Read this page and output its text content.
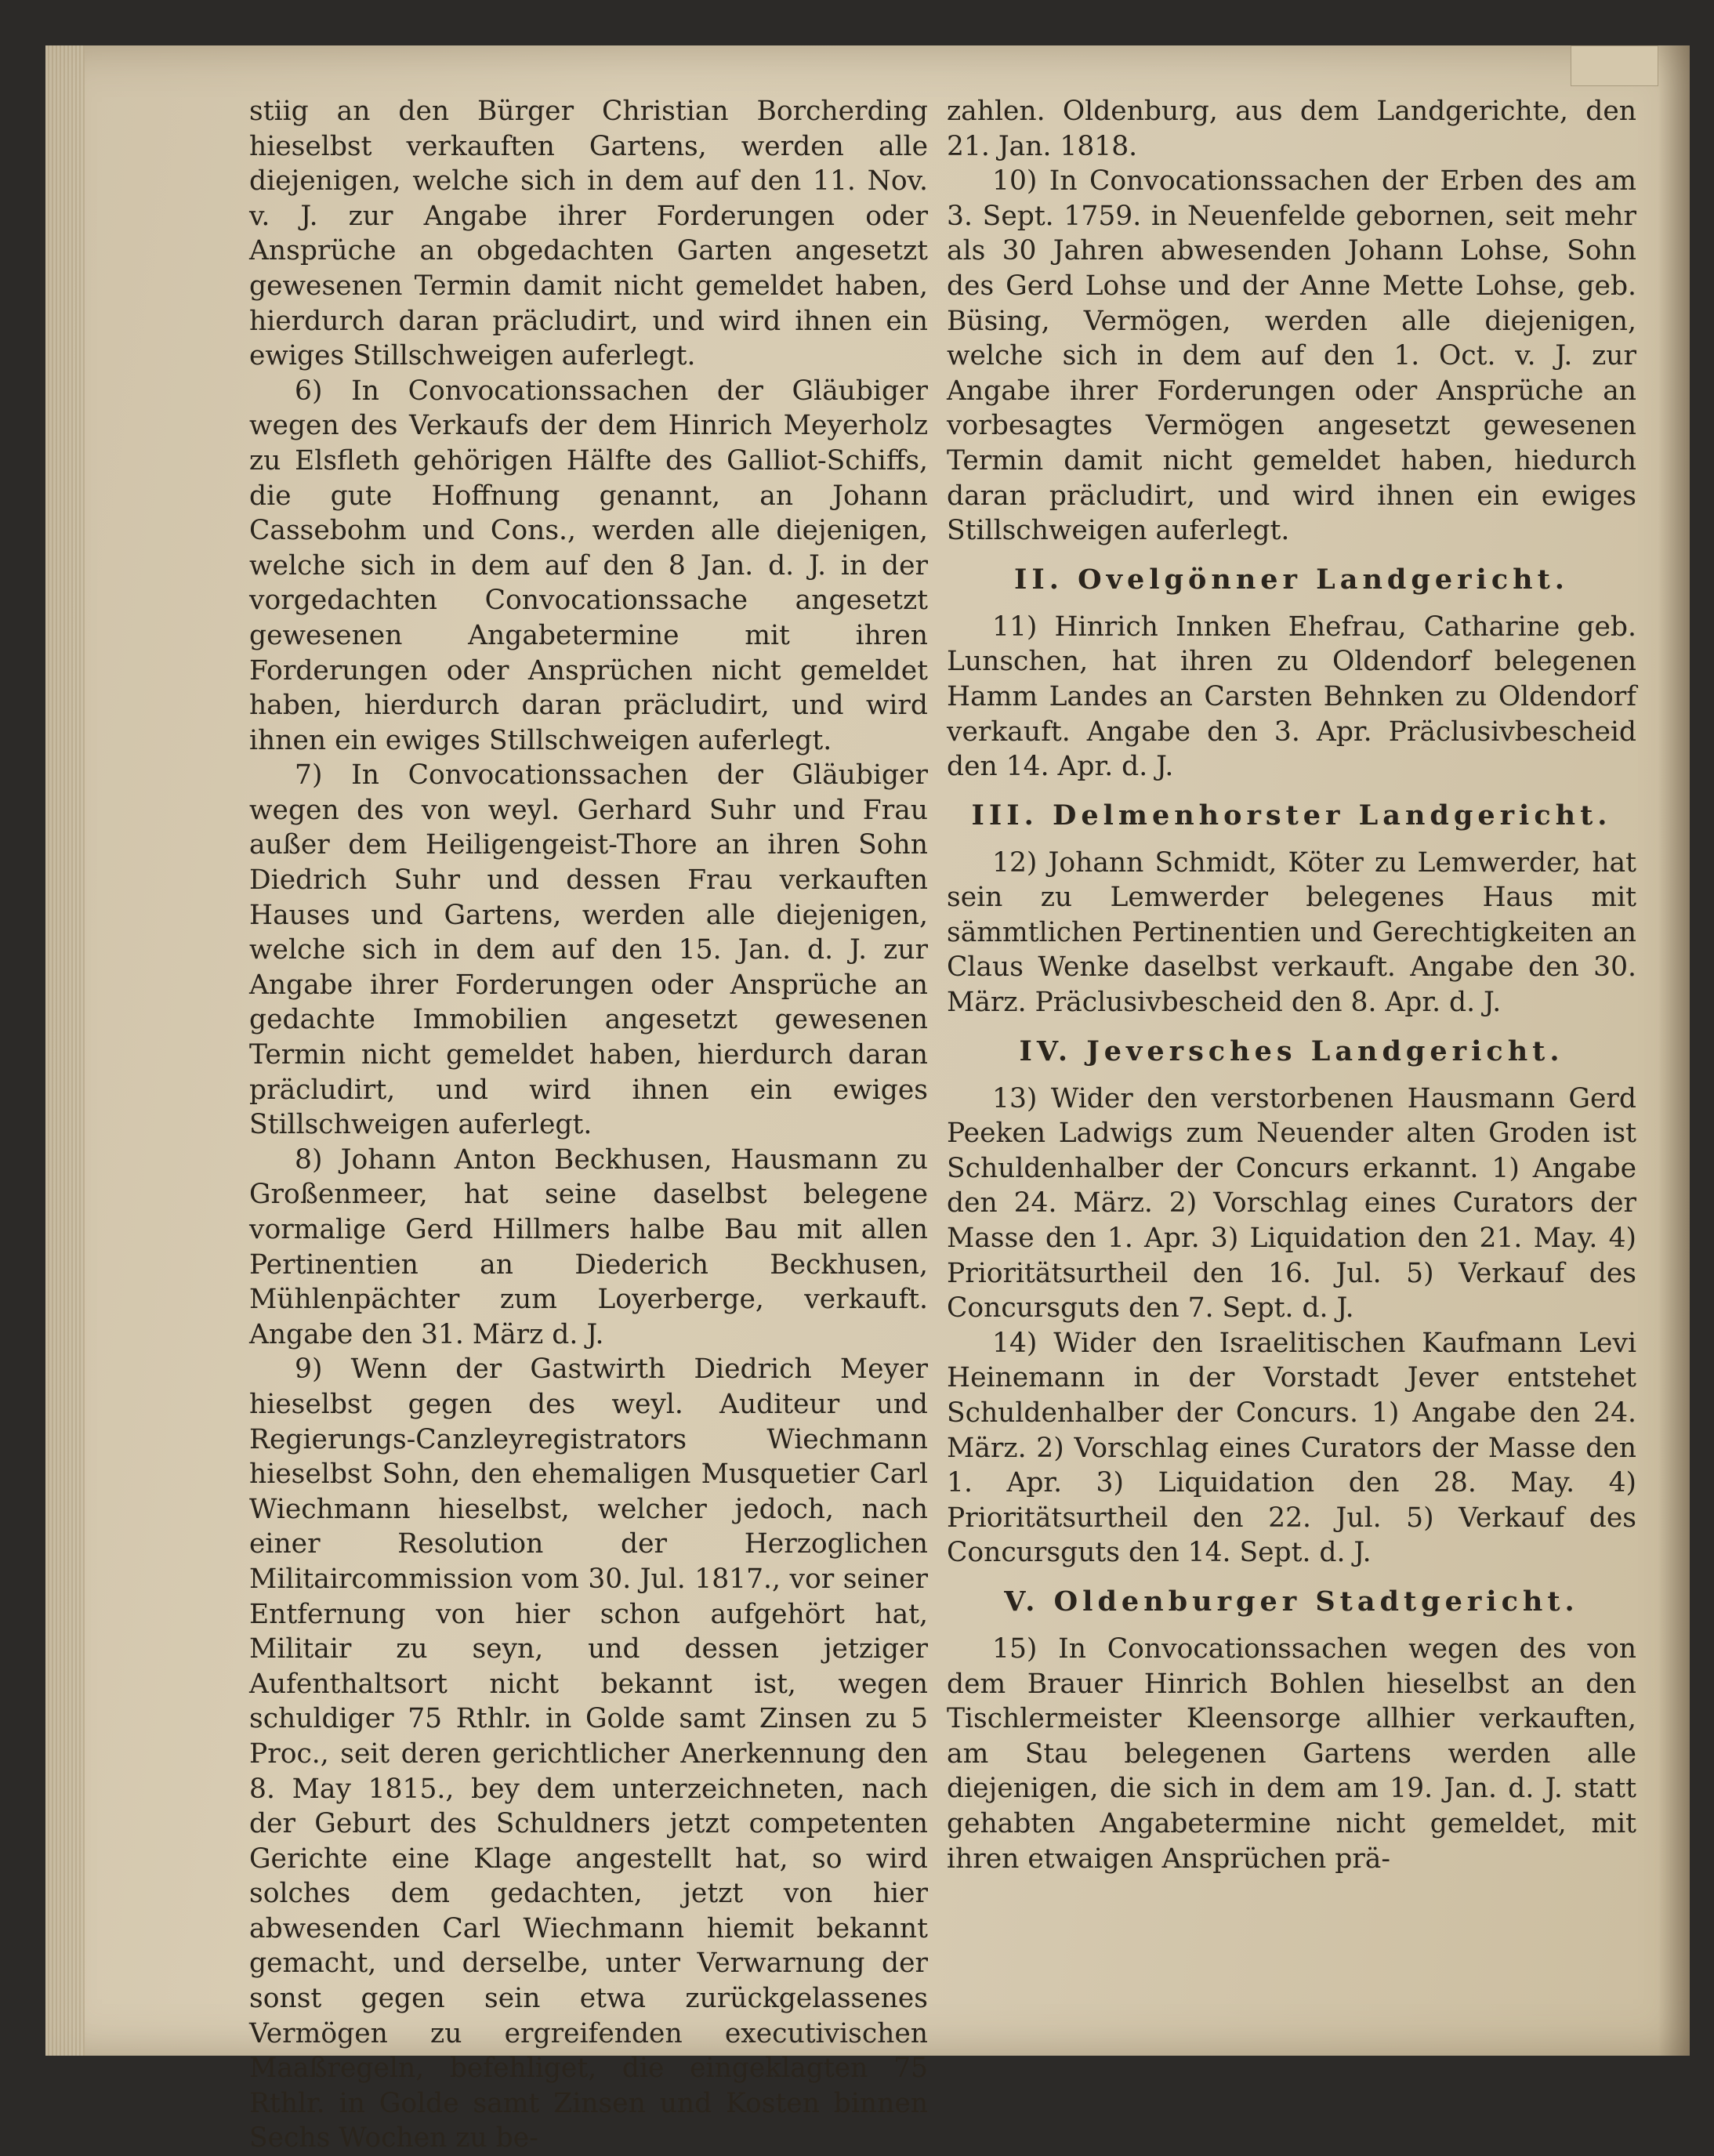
stiig an den Bürger Christian Borcherding hieselbst verkauften Gartens, werden alle diejenigen, welche sich in dem auf den 11. Nov. v. J. zur Angabe ihrer Forderungen oder Ansprüche an obgedachten Garten angesetzt gewesenen Termin damit nicht gemeldet haben, hierdurch daran präcludirt, und wird ihnen ein ewiges Stillschweigen auferlegt.

6) In Convocationssachen der Gläubiger wegen des Verkaufs der dem Hinrich Meyerholz zu Elsfleth gehörigen Hälfte des Galliot-Schiffs, die gute Hoffnung genannt, an Johann Cassebohm und Cons., werden alle diejenigen, welche sich in dem auf den 8 Jan. d. J. in der vorgedachten Convocationssache angesetzt gewesenen Angabetermine mit ihren Forderungen oder Ansprüchen nicht gemeldet haben, hierdurch daran präcludirt, und wird ihnen ein ewiges Stillschweigen auferlegt.

7) In Convocationssachen der Gläubiger wegen des von weyl. Gerhard Suhr und Frau außer dem Heiligengeist-Thore an ihren Sohn Diedrich Suhr und dessen Frau verkauften Hauses und Gartens, werden alle diejenigen, welche sich in dem auf den 15. Jan. d. J. zur Angabe ihrer Forderungen oder Ansprüche an gedachte Immobilien angesetzt gewesenen Termin nicht gemeldet haben, hierdurch daran präcludirt, und wird ihnen ein ewiges Stillschweigen auferlegt.

8) Johann Anton Beckhusen, Hausmann zu Großenmeer, hat seine daselbst belegene vormalige Gerd Hillmers halbe Bau mit allen Pertinentien an Diederich Beckhusen, Mühlenpächter zum Loyerberge, verkauft. Angabe den 31. März d. J.

9) Wenn der Gastwirth Diedrich Meyer hieselbst gegen des weyl. Auditeur und Regierungs-Canzleyregistrators Wiechmann hieselbst Sohn, den ehemaligen Musquetier Carl Wiechmann hieselbst, welcher jedoch, nach einer Resolution der Herzoglichen Militaircommission vom 30. Jul. 1817., vor seiner Entfernung von hier schon aufgehört hat, Militair zu seyn, und dessen jetziger Aufenthaltsort nicht bekannt ist, wegen schuldiger 75 Rthlr. in Golde samt Zinsen zu 5 Proc., seit deren gerichtlicher Anerkennung den 8. May 1815., bey dem unterzeichneten, nach der Geburt des Schuldners jetzt competenten Gerichte eine Klage angestellt hat, so wird solches dem gedachten, jetzt von hier abwesenden Carl Wiechmann hiemit bekannt gemacht, und derselbe, unter Verwarnung der sonst gegen sein etwa zurückgelassenes Vermögen zu ergreifenden executivischen Maaßregeln, befehliget, die eingeklagten 75 Rthlr. in Golde samt Zinsen und Kosten binnen Sechs Wochen zu be-

zahlen. Oldenburg, aus dem Landgerichte, den 21. Jan. 1818.

10) In Convocationssachen der Erben des am 3. Sept. 1759. in Neuenfelde gebornen, seit mehr als 30 Jahren abwesenden Johann Lohse, Sohn des Gerd Lohse und der Anne Mette Lohse, geb. Büsing, Vermögen, werden alle diejenigen, welche sich in dem auf den 1. Oct. v. J. zur Angabe ihrer Forderungen oder Ansprüche an vorbesagtes Vermögen angesetzt gewesenen Termin damit nicht gemeldet haben, hiedurch daran präcludirt, und wird ihnen ein ewiges Stillschweigen auferlegt.

II. Ovelgönner Landgericht.

11) Hinrich Innken Ehefrau, Catharine geb. Lunschen, hat ihren zu Oldendorf belegenen Hamm Landes an Carsten Behnken zu Oldendorf verkauft. Angabe den 3. Apr. Präclusivbescheid den 14. Apr. d. J.

III. Delmenhorster Landgericht.

12) Johann Schmidt, Köter zu Lemwerder, hat sein zu Lemwerder belegenes Haus mit sämmtlichen Pertinentien und Gerechtigkeiten an Claus Wenke daselbst verkauft. Angabe den 30. März. Präclusivbescheid den 8. Apr. d. J.

IV. Jeversches Landgericht.

13) Wider den verstorbenen Hausmann Gerd Peeken Ladwigs zum Neuender alten Groden ist Schuldenhalber der Concurs erkannt. 1) Angabe den 24. März. 2) Vorschlag eines Curators der Masse den 1. Apr. 3) Liquidation den 21. May. 4) Prioritätsurtheil den 16. Jul. 5) Verkauf des Concursguts den 7. Sept. d. J.

14) Wider den Israelitischen Kaufmann Levi Heinemann in der Vorstadt Jever entstehet Schuldenhalber der Concurs. 1) Angabe den 24. März. 2) Vorschlag eines Curators der Masse den 1. Apr. 3) Liquidation den 28. May. 4) Prioritätsurtheil den 22. Jul. 5) Verkauf des Concursguts den 14. Sept. d. J.

V. Oldenburger Stadtgericht.

15) In Convocationssachen wegen des von dem Brauer Hinrich Bohlen hieselbst an den Tischlermeister Kleensorge allhier verkauften, am Stau belegenen Gartens werden alle diejenigen, die sich in dem am 19. Jan. d. J. statt gehabten Angabetermine nicht gemeldet, mit ihren etwaigen Ansprüchen prä-
